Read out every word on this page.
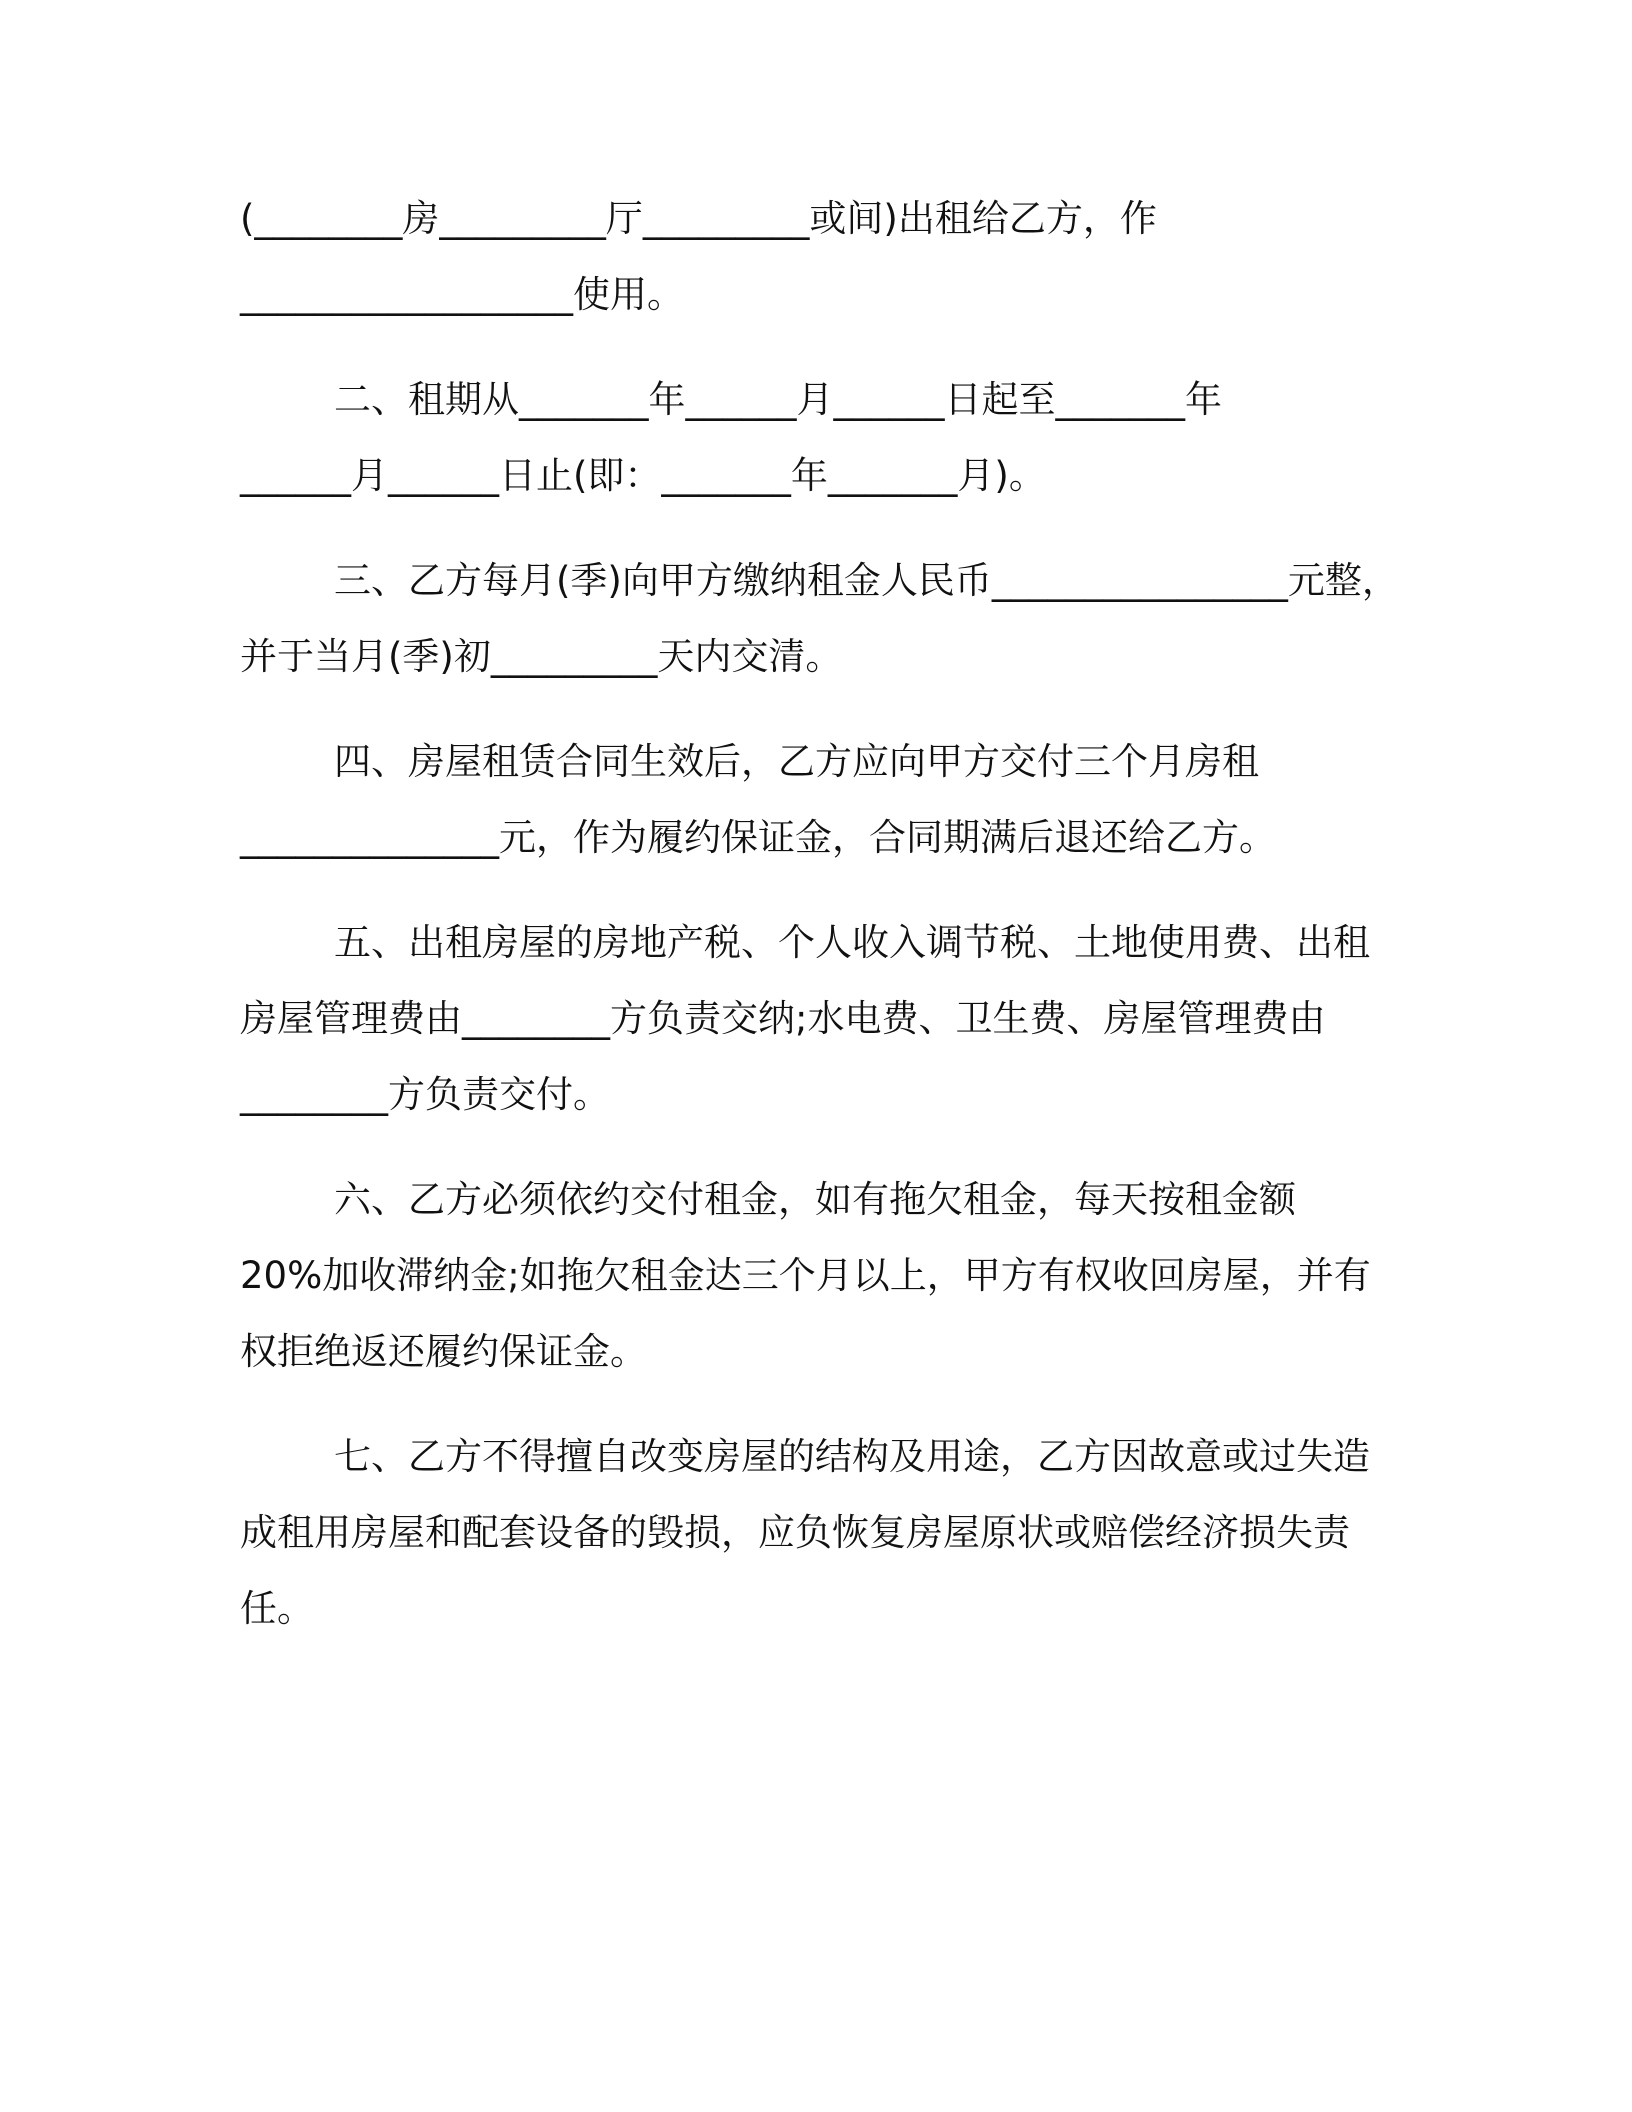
(________房_________厅_________或间)出租给乙方，作
__________________使用。
二、租期从_______年______月______日起至_______年
______月______日止(即：_______年_______月)。
三、乙方每月(季)向甲方缴纳租金人民币________________元整，
并于当月(季)初_________天内交清。
四、房屋租赁合同生效后，乙方应向甲方交付三个月房租
______________元，作为履约保证金，合同期满后退还给乙方。
五、出租房屋的房地产税、个人收入调节税、土地使用费、出租
房屋管理费由________方负责交纳;水电费、卫生费、房屋管理费由
________方负责交付。
六、乙方必须依约交付租金，如有拖欠租金，每天按租金额
20%加收滞纳金;如拖欠租金达三个月以上，甲方有权收回房屋，并有
权拒绝返还履约保证金。
七、乙方不得擅自改变房屋的结构及用途，乙方因故意或过失造
成租用房屋和配套设备的毁损，应负恢复房屋原状或赔偿经济损失责
任。
